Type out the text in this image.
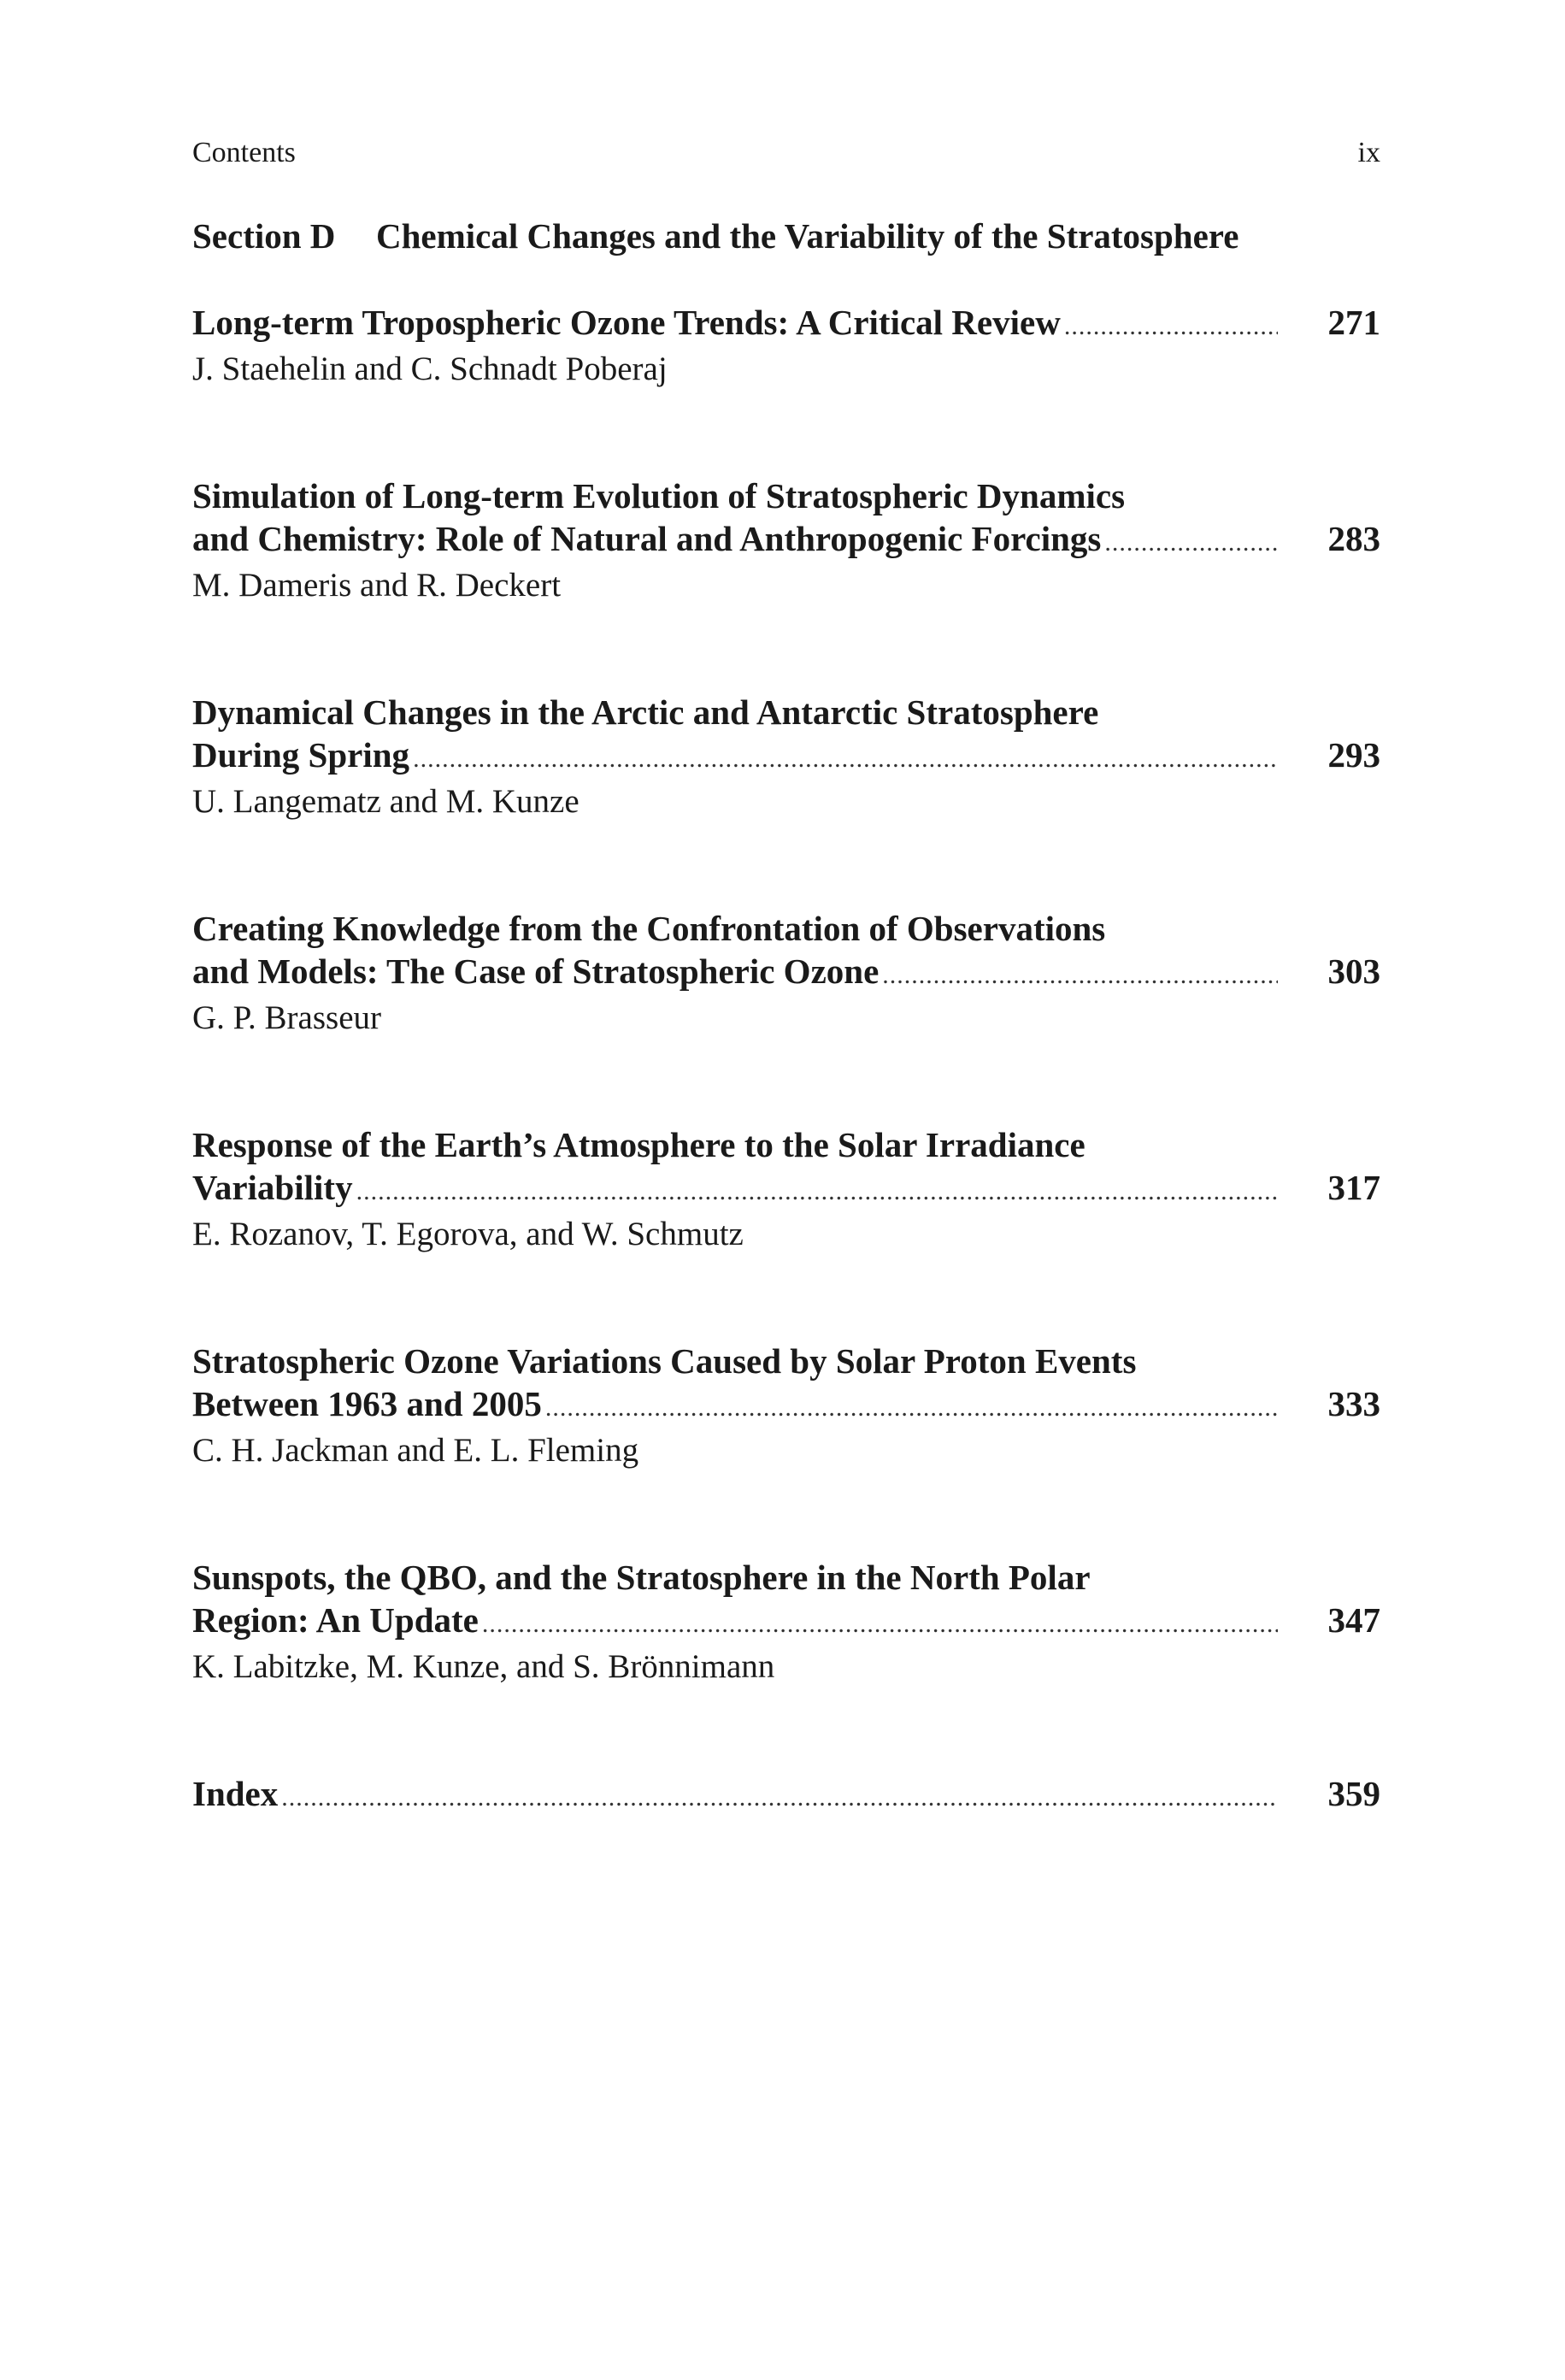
Contents	ix
Section D Chemical Changes and the Variability of the Stratosphere
Long-term Tropospheric Ozone Trends: A Critical Review .....	271
J. Staehelin and C. Schnadt Poberaj
Simulation of Long-term Evolution of Stratospheric Dynamics
and Chemistry: Role of Natural and Anthropogenic Forcings .....	283
M. Dameris and R. Deckert
Dynamical Changes in the Arctic and Antarctic Stratosphere
During Spring .....	293
U. Langematz and M. Kunze
Creating Knowledge from the Confrontation of Observations
and Models: The Case of Stratospheric Ozone .....	303
G. P. Brasseur
Response of the Earth’s Atmosphere to the Solar Irradiance
Variability .....	317
E. Rozanov, T. Egorova, and W. Schmutz
Stratospheric Ozone Variations Caused by Solar Proton Events
Between 1963 and 2005 .....	333
C. H. Jackman and E. L. Fleming
Sunspots, the QBO, and the Stratosphere in the North Polar
Region: An Update .....	347
K. Labitzke, M. Kunze, and S. Brönnimann
Index .....	359
